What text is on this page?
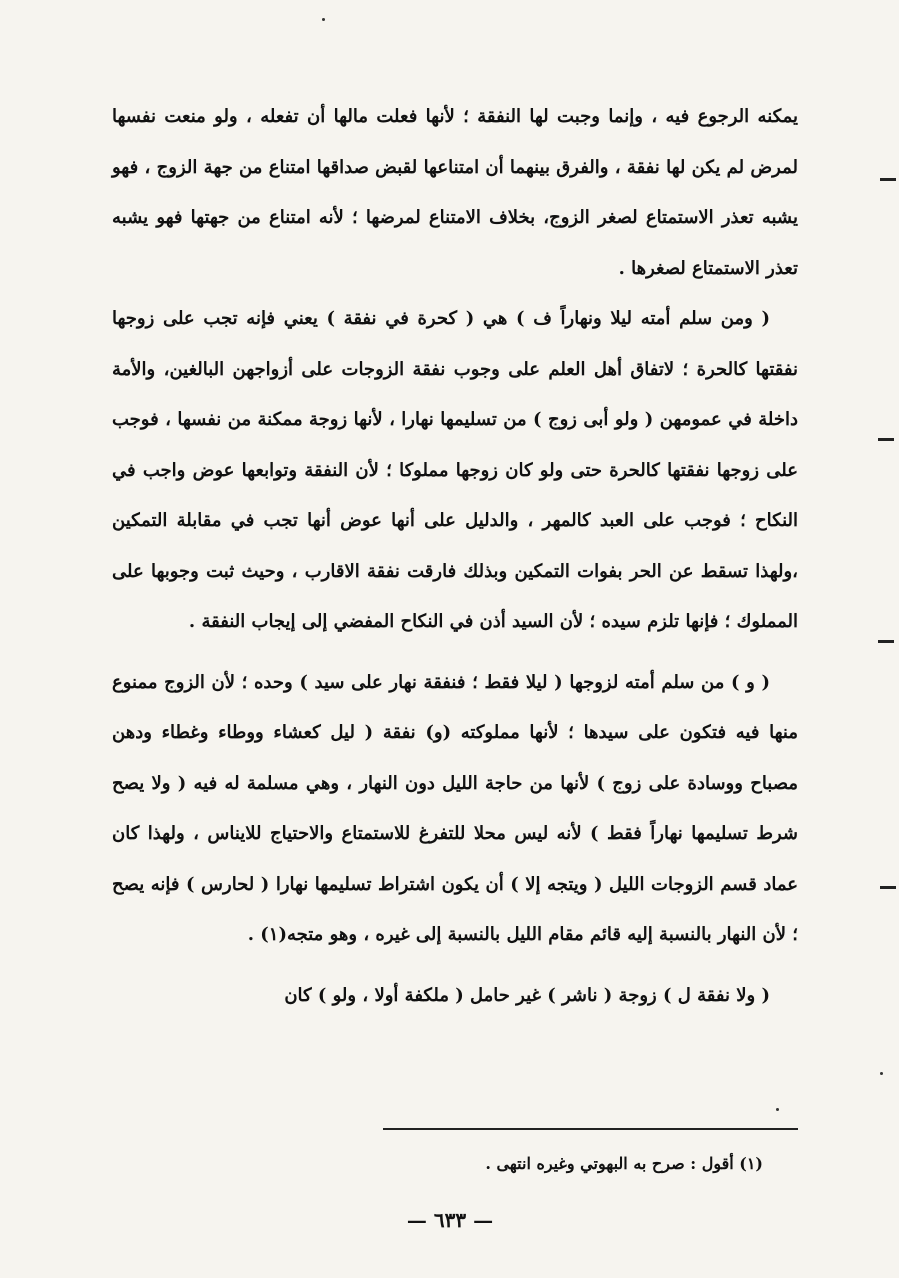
يمكنه الرجوع فيه ، وإنما وجبت لها النفقة ؛ لأنها فعلت مالها أن تفعله ، ولو منعت نفسها لمرض لم يكن لها نفقة ، والفرق بينهما أن امتناعها لقبض صداقها امتناع من جهة الزوج ، فهو يشبه تعذر الاستمتاع لصغر الزوج، بخلاف الامتناع لمرضها ؛ لأنه امتناع من جهتها فهو يشبه تعذر الاستمتاع لصغرها .

( ومن سلم أمته ليلا ونهاراً ف ) هي ( كحرة في نفقة ) يعني فإنه تجب على زوجها نفقتها كالحرة ؛ لاتفاق أهل العلم على وجوب نفقة الزوجات على أزواجهن البالغين، والأمة داخلة في عمومهن ( ولو أبى زوج ) من تسليمها نهارا ، لأنها زوجة ممكنة من نفسها ، فوجب على زوجها نفقتها كالحرة حتى ولو كان زوجها مملوكا ؛ لأن النفقة وتوابعها عوض واجب في النكاح ؛ فوجب على العبد كالمهر ، والدليل على أنها عوض أنها تجب في مقابلة التمكين ،ولهذا تسقط عن الحر بفوات التمكين وبذلك فارقت نفقة الاقارب ، وحيث ثبت وجوبها على المملوك ؛ فإنها تلزم سيده ؛ لأن السيد أذن في النكاح المفضي إلى إيجاب النفقة .

( و ) من سلم أمته لزوجها ( ليلا فقط ؛ فنفقة نهار على سيد ) وحده ؛ لأن الزوج ممنوع منها فيه فتكون على سيدها ؛ لأنها مملوكته (و) نفقة ( ليل كعشاء ووطاء وغطاء ودهن مصباح ووسادة على زوج ) لأنها من حاجة الليل دون النهار ، وهي مسلمة له فيه ( ولا يصح شرط تسليمها نهاراً فقط ) لأنه ليس محلا للتفرغ للاستمتاع والاحتياج للايناس ، ولهذا كان عماد قسم الزوجات الليل ( ويتجه إلا ) أن يكون اشتراط تسليمها نهارا ( لحارس ) فإنه يصح ؛ لأن النهار بالنسبة إليه قائم مقام الليل بالنسبة إلى غيره ، وهو متجه(١) .

( ولا نفقة ل ) زوجة ( ناشر ) غير حامل ( ملكفة أولا ، ولو ) كان

(١) أقول : صرح به البهوتي وغيره انتهى .
— ٦٣٣ —
